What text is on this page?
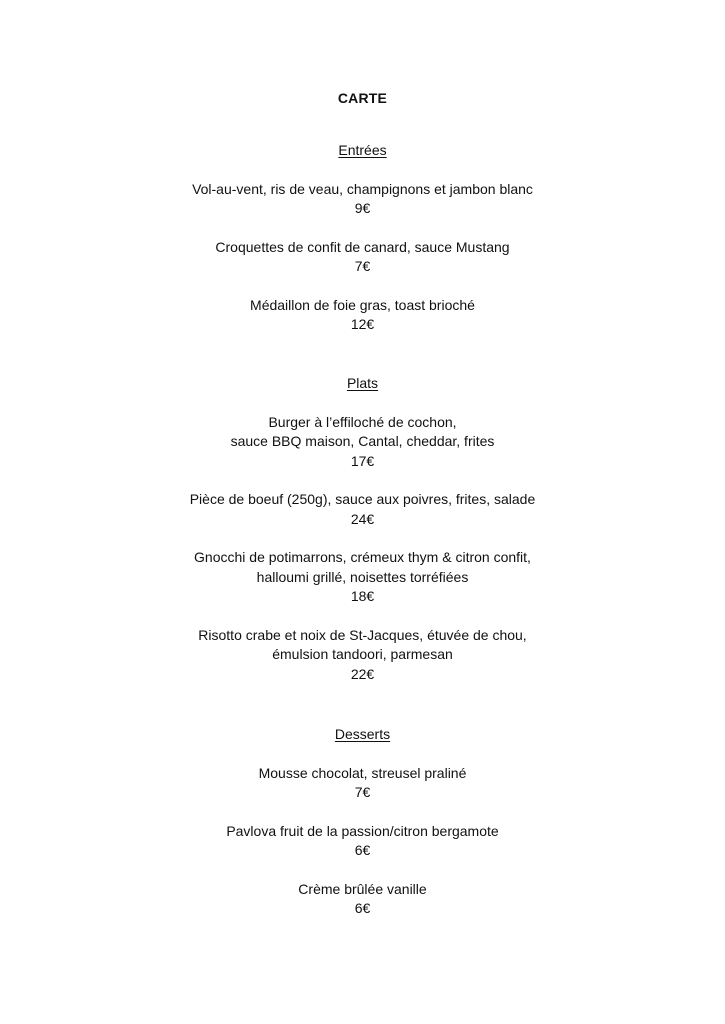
CARTE
Entrées
Vol-au-vent, ris de veau, champignons et jambon blanc
9€
Croquettes de confit de canard, sauce Mustang
7€
Médaillon de foie gras, toast brioché
12€
Plats
Burger à l’effiloché de cochon,
sauce BBQ maison, Cantal, cheddar, frites
17€
Pièce de boeuf (250g), sauce aux poivres, frites, salade
24€
Gnocchi de potimarrons, crémeux thym & citron confit,
halloumi grillé, noisettes torréfiées
18€
Risotto crabe et noix de St-Jacques, étuvée de chou,
émulsion tandoori, parmesan
22€
Desserts
Mousse chocolat, streusel praliné
7€
Pavlova fruit de la passion/citron bergamote
6€
Crème brûlée vanille
6€
